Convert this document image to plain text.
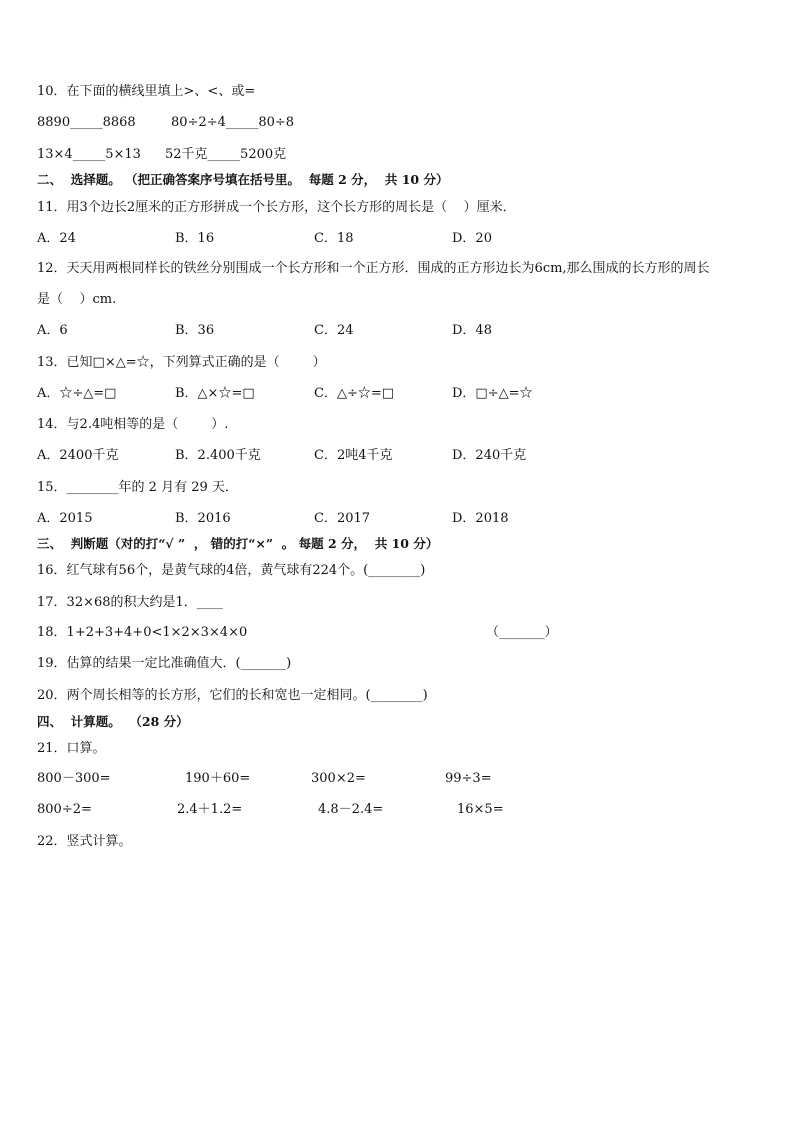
10．在下面的横线里填上>、<、或=
8890_____8868	80÷2÷4_____80÷8
13×4_____5×13 52千克_____5200克
二、  选择题。 （把正确答案序号填在括号里。  每题 2 分，  共 10 分）
11．用3个边长2厘米的正方形拼成一个长方形，这个长方形的周长是（    ）厘米．
A．24	B．16	C．18	D．20
12．天天用两根同样长的铁丝分别围成一个长方形和一个正方形．围成的正方形边长为6cm,那么围成的长方形的周长
是（    ）cm.
A．6	B．36	C．24	D．48
13．已知□×△=☆，下列算式正确的是（        ）
A．☆÷△=□	B．△×☆=□	C．△÷☆=□	D．□÷△=☆
14．与2.4吨相等的是（        ）.
A．2400千克	B．2.400千克	C．2吨4千克	D．240千克
15．________年的 2 月有 29 天．
A．2015	B．2016	C．2017	D．2018
三、  判断题（对的打“√ ”  ， 错的打“×”  。 每题 2 分，  共 10 分）
16．红气球有56个，是黄气球的4倍，黄气球有224个。(________)
17．32×68的积大约是1．____
18．1+2+3+4+0<1×2×3×4×0	（_______）
19．估算的结果一定比准确值大．(_______)
20．两个周长相等的长方形，它们的长和宽也一定相同。(________)
四、  计算题。  （28 分）
21．口算。
800－300=	190＋60=	300×2=	99÷3=
800÷2=	2.4＋1.2=	4.8－2.4=	16×5=
22．竖式计算。
